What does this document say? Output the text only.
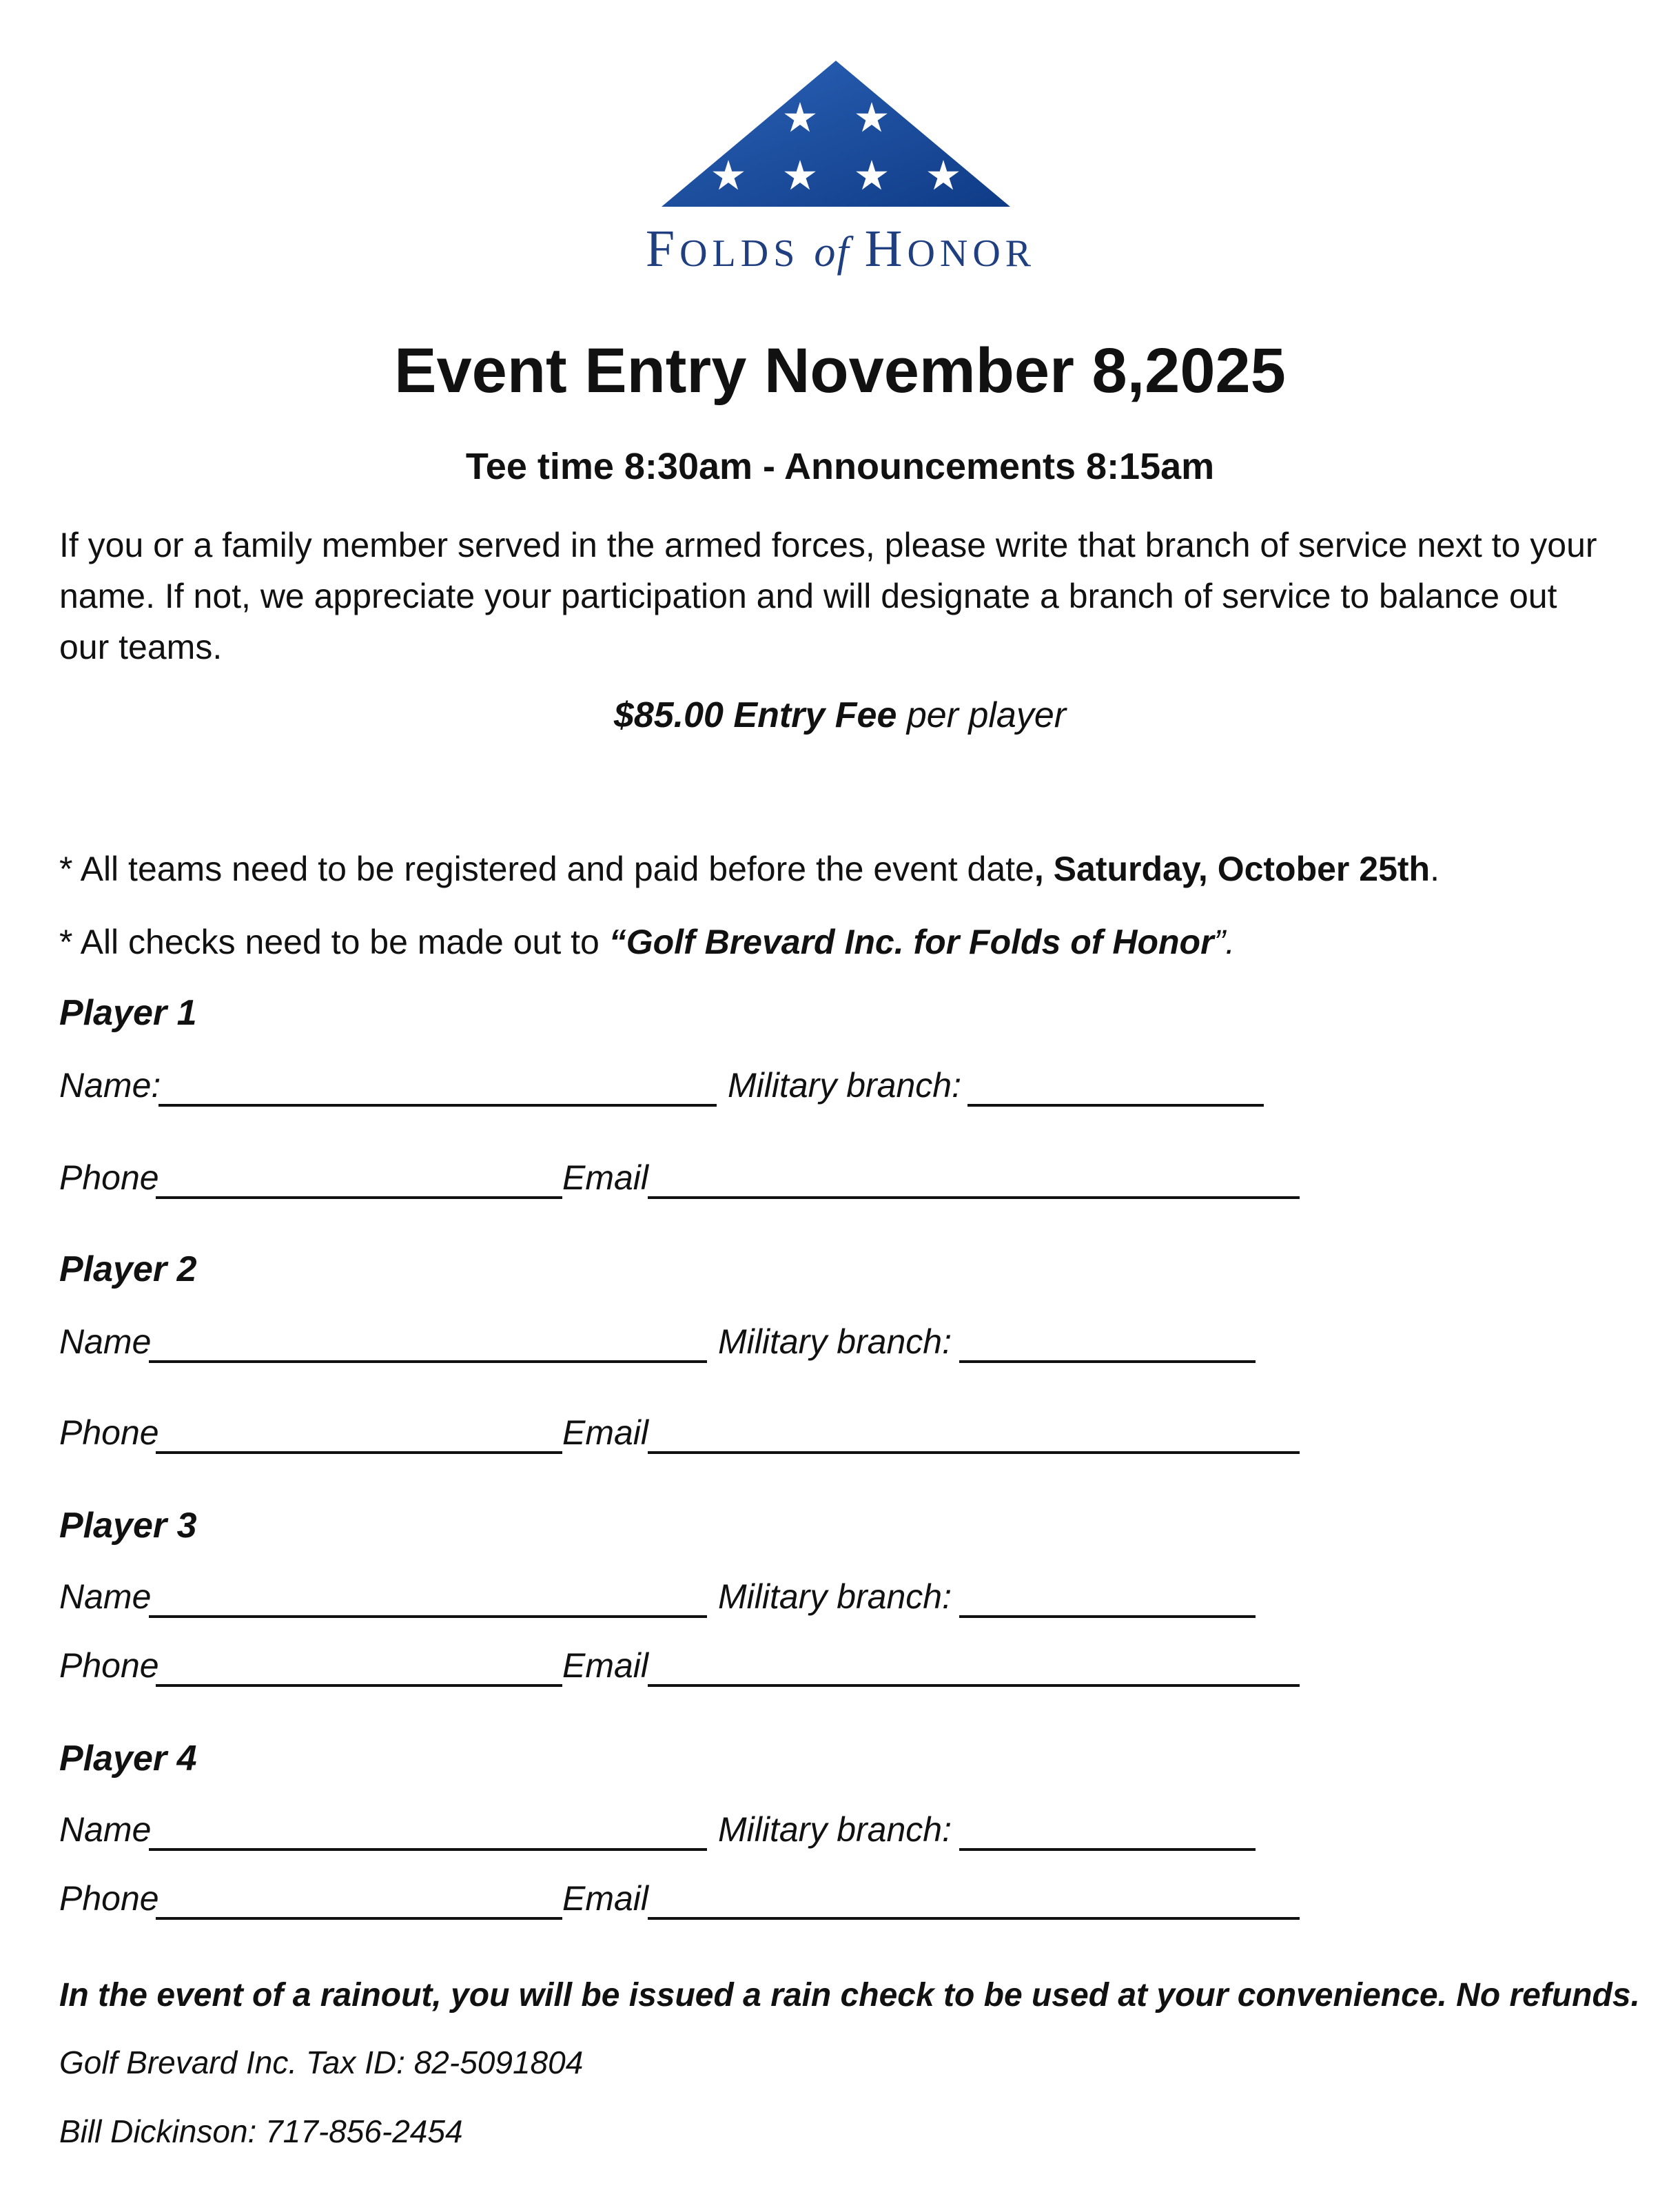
FOLDS of HONOR
Event Entry November 8,2025
Tee time 8:30am - Announcements 8:15am
If you or a family member served in the armed forces, please write that branch of service next to your
name. If not, we appreciate your participation and will designate a branch of service to balance out
our teams.
$85.00 Entry Fee per player
* All teams need to be registered and paid before the event date, Saturday, October 25th.
* All checks need to be made out to “Golf Brevard Inc. for Folds of Honor”.
Player 1
Name:	Military branch:
Phone	Email
Player 2
Name	Military branch:
Phone	Email
Player 3
Name	Military branch:
Phone	Email
Player 4
Name	Military branch:
Phone	Email
In the event of a rainout, you will be issued a rain check to be used at your convenience. No refunds.
Golf Brevard Inc. Tax ID: 82-5091804
Bill Dickinson: 717-856-2454
